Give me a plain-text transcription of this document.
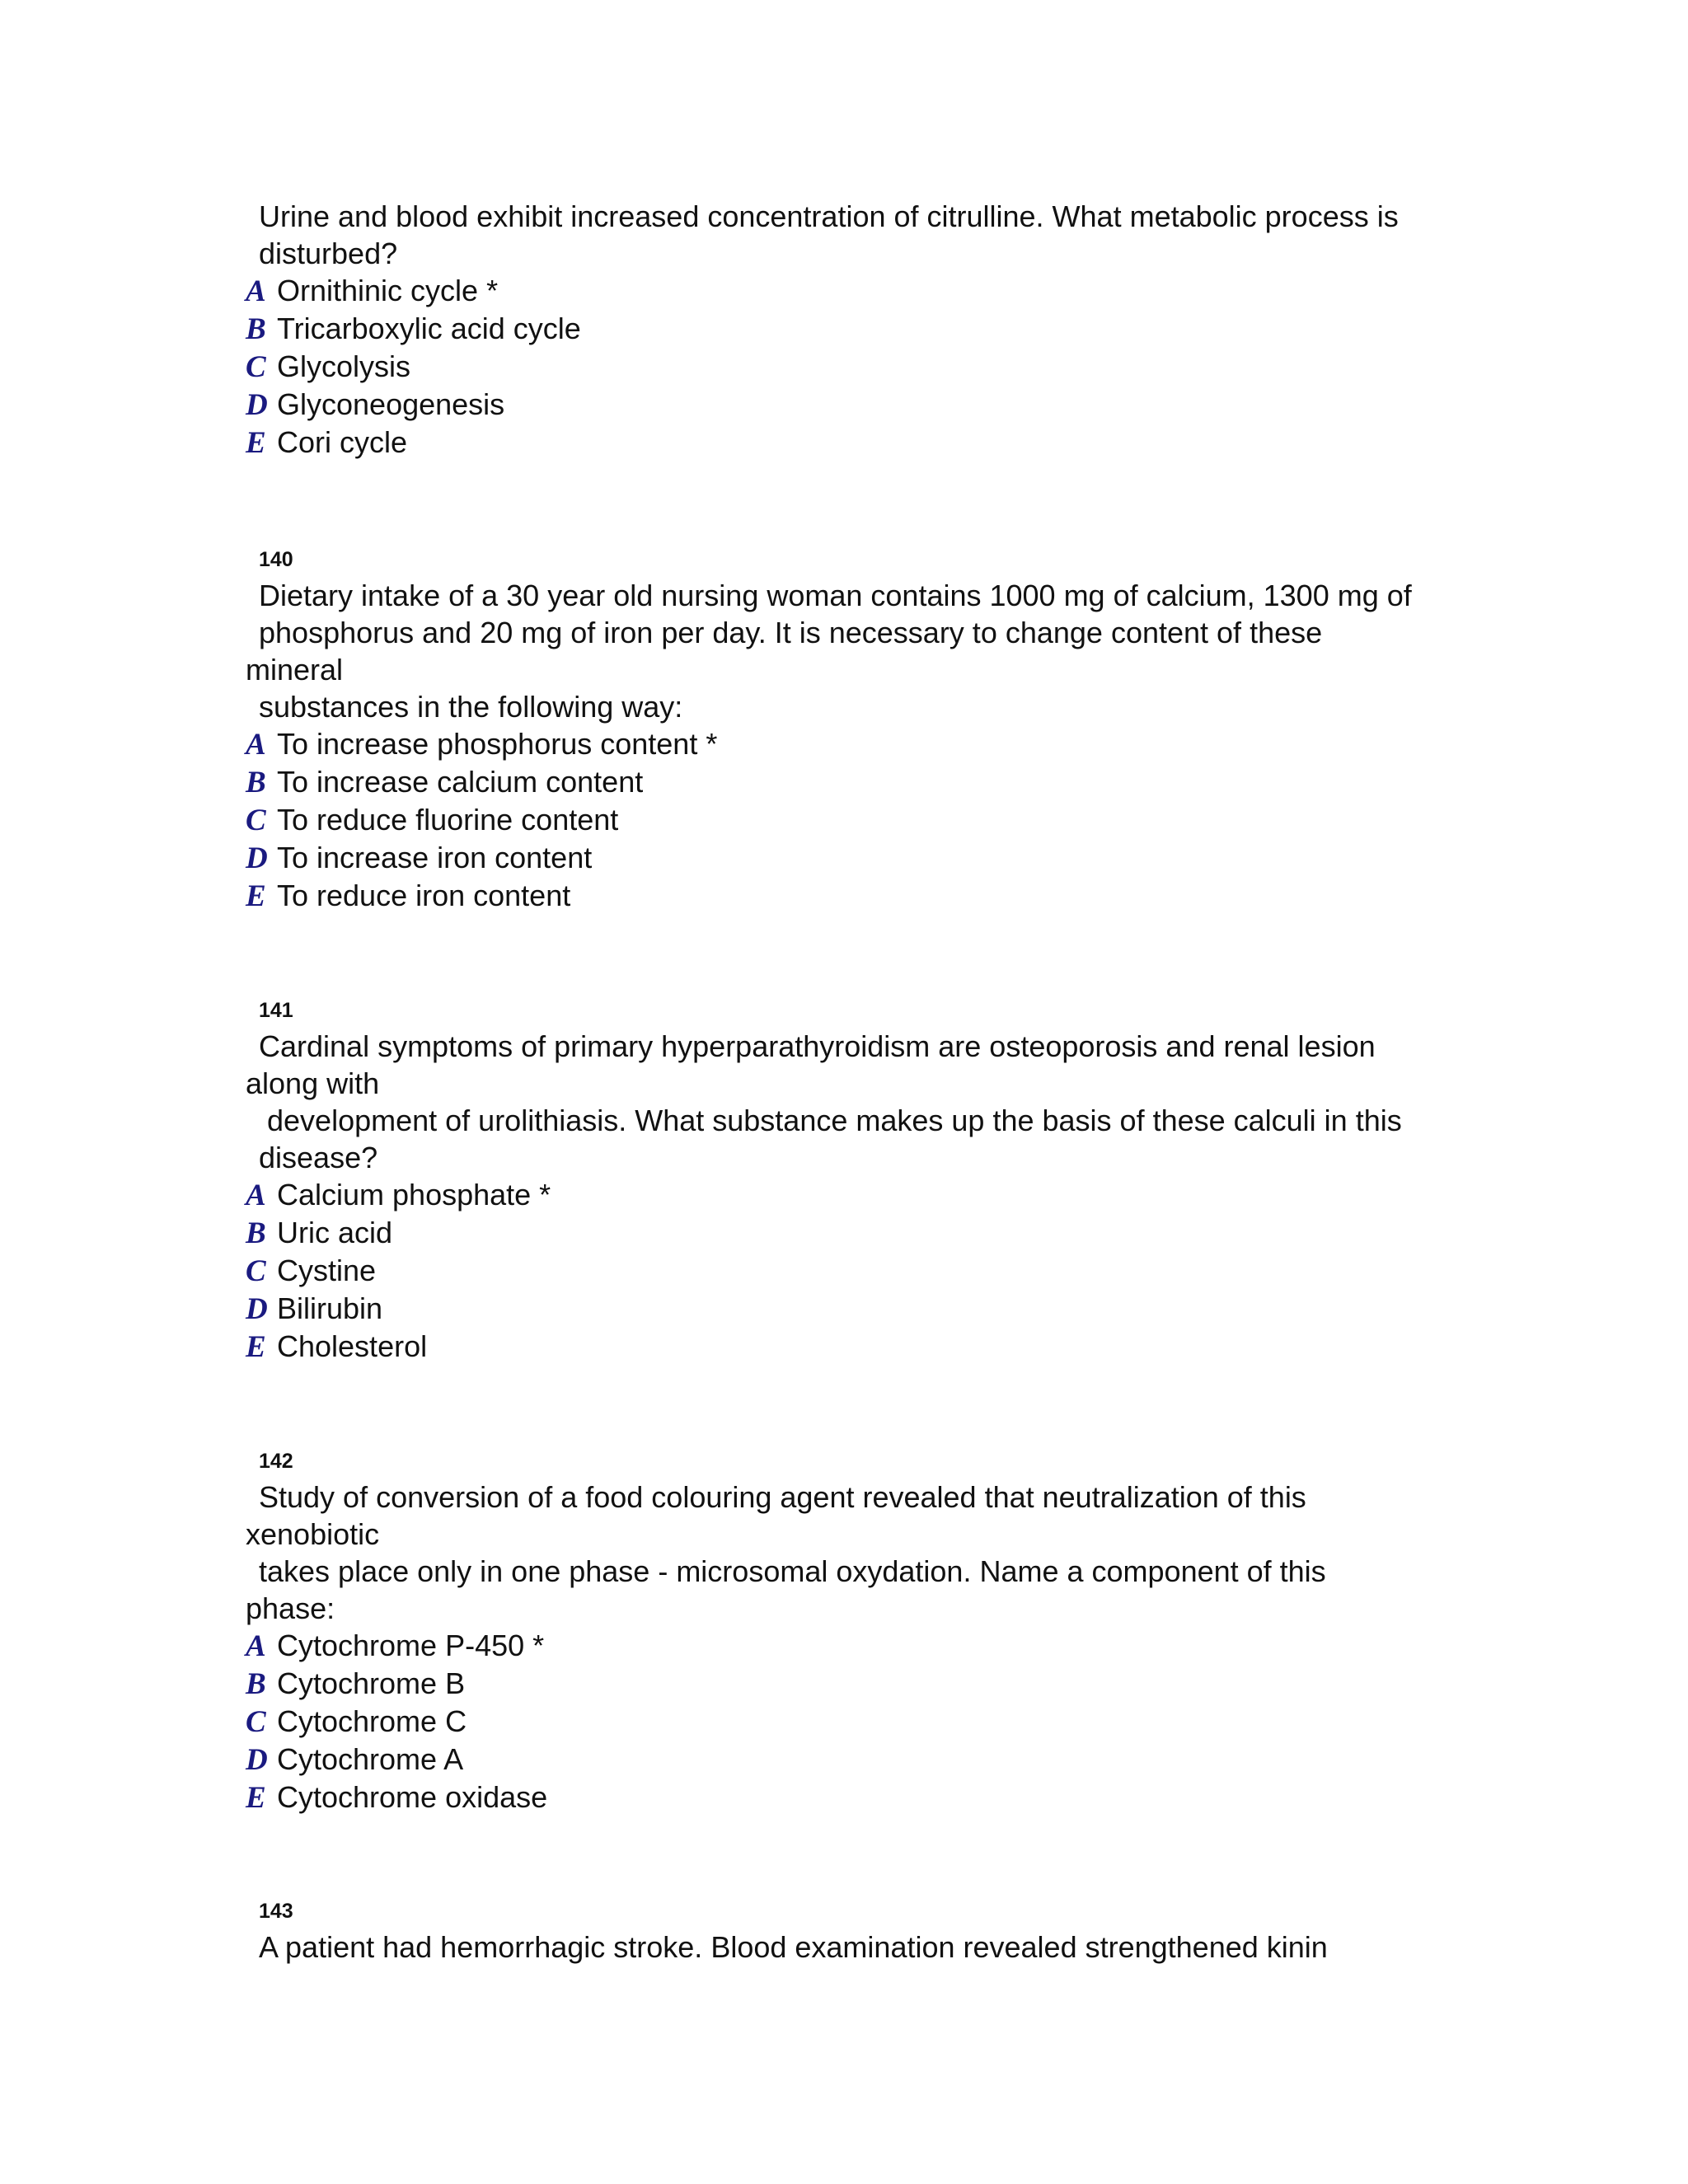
Urine and blood exhibit increased concentration of citrulline. What metabolic process is
disturbed?
A Ornithinic cycle *
B Tricarboxylic acid cycle
C Glycolysis
D Glyconeogenesis
E Cori cycle
140
Dietary intake of a 30 year old nursing woman contains 1000 mg of calcium, 1300 mg of
phosphorus and 20 mg of iron per day. It is necessary to change content of these
mineral
substances in the following way:
A To increase phosphorus content *
B To increase calcium content
C To reduce fluorine content
D To increase iron content
E To reduce iron content
141
Cardinal symptoms of primary hyperparathyroidism are osteoporosis and renal lesion
along with
development of urolithiasis. What substance makes up the basis of these calculi in this
disease?
A Calcium phosphate *
B Uric acid
C Cystine
D Bilirubin
E Cholesterol
142
Study of conversion of a food colouring agent revealed that neutralization of this
xenobiotic
takes place only in one phase - microsomal oxydation. Name a component of this
phase:
A Cytochrome P-450 *
B Cytochrome B
C Cytochrome C
D Cytochrome A
E Cytochrome oxidase
143
A patient had hemorrhagic stroke. Blood examination revealed strengthened kinin
